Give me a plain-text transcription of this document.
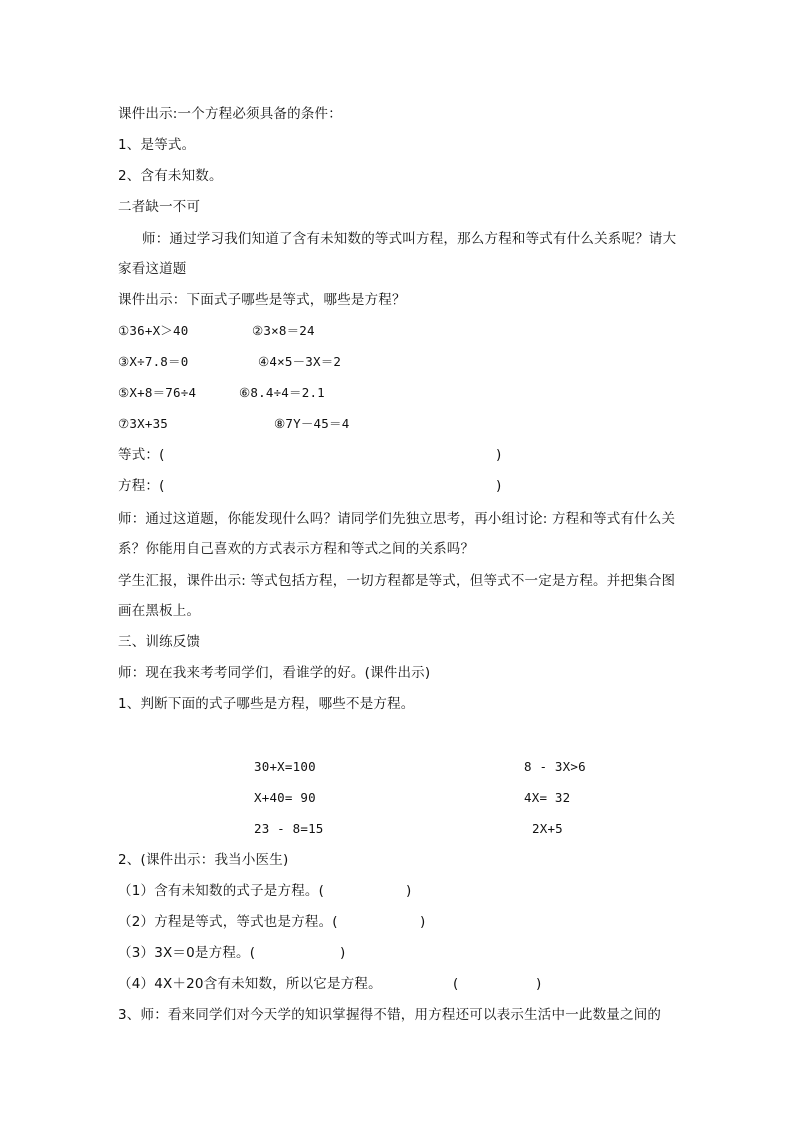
课件出示:一个方程必须具备的条件：
1、是等式。
2、含有未知数。
二者缺一不可
师：通过学习我们知道了含有未知数的等式叫方程，那么方程和等式有什么关系呢？请大家看这道题
课件出示：下面式子哪些是等式，哪些是方程？
①36+X＞40	②3×8＝24
③X÷7.8＝0	④4×5－3X＝2
⑤X+8＝76÷4	⑥8.4÷4＝2.1
⑦3X+35	⑧7Y－45＝4
等式：(	)
方程：(	)
师：通过这道题，你能发现什么吗？请同学们先独立思考，再小组讨论: 方程和等式有什么关系？你能用自己喜欢的方式表示方程和等式之间的关系吗？
学生汇报，课件出示: 等式包括方程，一切方程都是等式，但等式不一定是方程。并把集合图画在黑板上。
三、训练反馈
师：现在我来考考同学们，看谁学的好。(课件出示)
1、判断下面的式子哪些是方程，哪些不是方程。
30+X=100	8 - 3X>6
X+40= 90	4X= 32
23 - 8=15	2X+5
2、(课件出示：我当小医生)
（1）含有未知数的式子是方程。(	)
（2）方程是等式，等式也是方程。(	)
（3）3X＝0是方程。(	)
（4）4X＋20含有未知数，所以它是方程。	(	)
3、师：看来同学们对今天学的知识掌握得不错，用方程还可以表示生活中一此数量之间的
